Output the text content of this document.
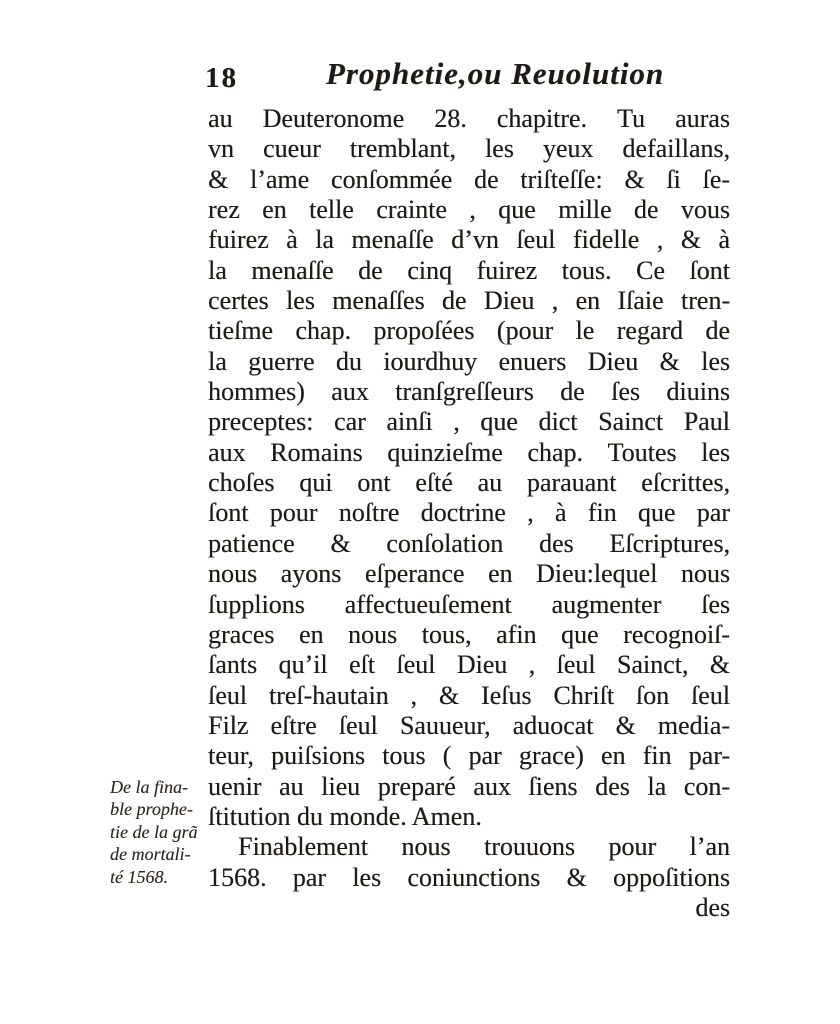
18	Prophetie,ou Reuolution
De la fina-
ble prophe-
tie de la grã
de mortali-
té 1568.
au Deuteronome 28. chapitre. Tu auras
vn cueur tremblant, les yeux defaillans,
& l’ame conſommée de triſteſſe: & ſi ſe-
rez en telle crainte , que mille de vous
fuirez à la menaſſe d’vn ſeul fidelle , & à
la menaſſe de cinq fuirez tous. Ce ſont
certes les menaſſes de Dieu , en Iſaie tren-
tieſme chap. propoſées (pour le regard de
la guerre du iourdhuy enuers Dieu & les
hommes) aux tranſgreſſeurs de ſes diuins
preceptes: car ainſi , que dict Sainct Paul
aux Romains quinzieſme chap. Toutes les
choſes qui ont eſté au parauant eſcrittes,
ſont pour noſtre doctrine , à fin que par
patience & conſolation des Eſcriptures,
nous ayons eſperance en Dieu:lequel nous
ſupplions affectueuſement augmenter ſes
graces en nous tous, afin que recognoiſ-
ſants qu’il eſt ſeul Dieu , ſeul Sainct, &
ſeul treſ-hautain , & Ieſus Chriſt ſon ſeul
Filz eſtre ſeul Sauueur, aduocat & media-
teur, puiſsions tous ( par grace) en fin par-
uenir au lieu preparé aux ſiens des la con-
ſtitution du monde. Amen.
Finablement nous trouuons pour l’an
1568. par les coniunctions & oppoſitions
des
